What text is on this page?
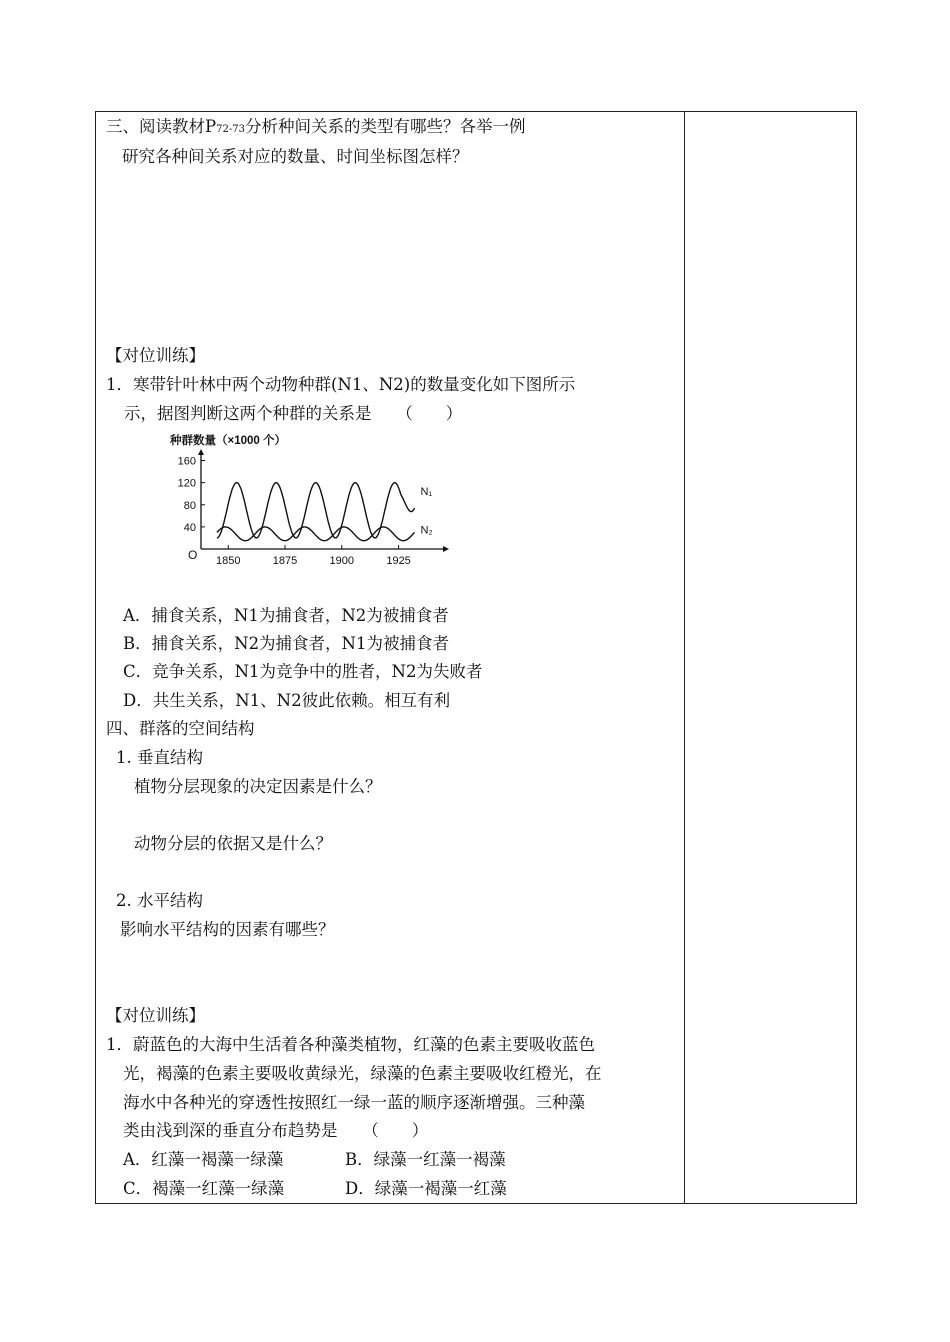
三、阅读教材P72-73分析种间关系的类型有哪些？各举一例
研究各种间关系对应的数量、时间坐标图怎样？
【对位训练】
1．寒带针叶林中两个动物种群(N1、N2)的数量变化如下图所示
示，据图判断这两个种群的关系是　　（　　）
种群数量（×1000 个）
160
120
80
40
1850	1875	1900	1925
N₁
N₂
O
A．捕食关系，N1为捕食者，N2为被捕食者
B．捕食关系，N2为捕食者，N1为被捕食者
C．竞争关系，N1为竞争中的胜者，N2为失败者
D．共生关系，N1、N2彼此依赖。相互有利
四、群落的空间结构
1. 垂直结构
植物分层现象的决定因素是什么？
动物分层的依据又是什么？
2. 水平结构
影响水平结构的因素有哪些？
【对位训练】
1．蔚蓝色的大海中生活着各种藻类植物，红藻的色素主要吸收蓝色
光，褐藻的色素主要吸收黄绿光，绿藻的色素主要吸收红橙光，在
海水中各种光的穿透性按照红一绿一蓝的顺序逐渐增强。三种藻
类由浅到深的垂直分布趋势是　　（　　）
A．红藻一褐藻一绿藻	B．绿藻一红藻一褐藻
C．褐藻一红藻一绿藻	D．绿藻一褐藻一红藻
